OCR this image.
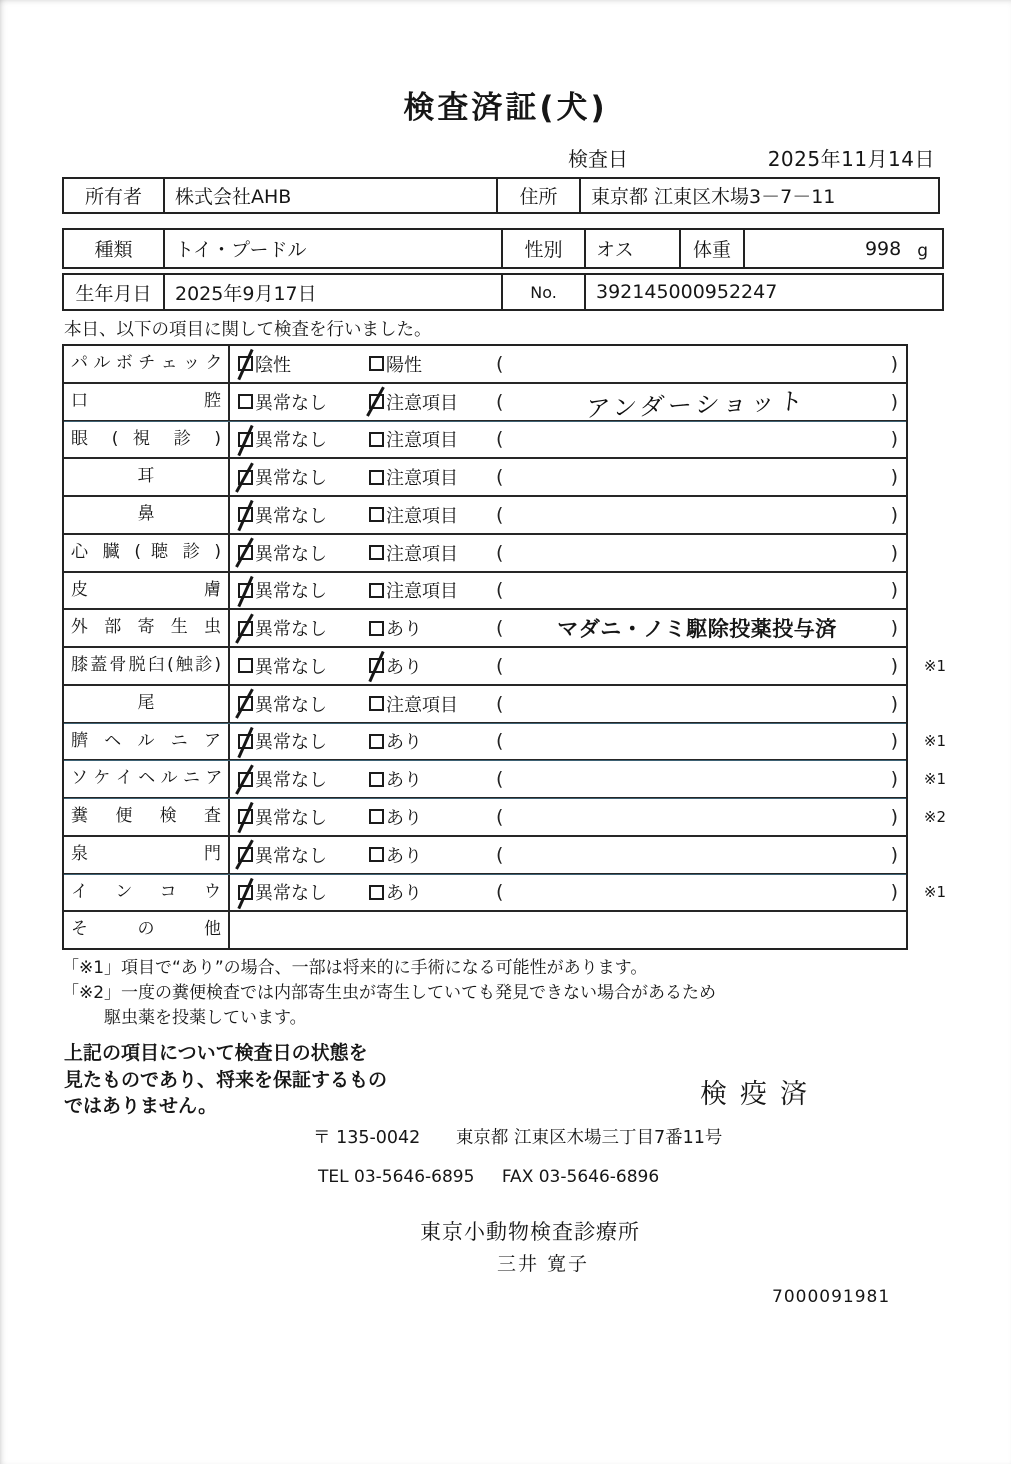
検査済証(犬)
検査日	2025年11月14日
所有者	株式会社AHB	住所	東京都 江東区木場3－7－11
種類	トイ・プードル	性別	オス	体重	998 g
生年月日	2025年9月17日	No.	392145000952247
本日、以下の項目に関して検査を行いました。
パ ル ボ チ ェ ッ ク	陰性	陽性	(	)
口 腔	異常なし	注意項目 (	アンダーショット	)
眼 ( 視 診 )	異常なし	注意項目 (	)
耳	異常なし	注意項目 (	)
鼻	異常なし	注意項目 (	)
心 臓 ( 聴 診 )	異常なし	注意項目 (	)
皮 膚	異常なし	注意項目 (	)
外 部 寄 生 虫	異常なし	あり	(	マダニ・ノミ駆除投薬投与済	)
膝蓋骨脱臼(触診)	異常なし	あり	(	) ※1
尾	異常なし	注意項目 (	)
臍 ヘ ル ニ ア	異常なし	あり	(	) ※1
ソ ケ イ ヘ ル ニ ア	異常なし	あり	(	) ※1
糞 便 検 査	異常なし	あり	(	) ※2
泉 門	異常なし	あり	(	)
イ ン コ ウ	異常なし	あり	(	) ※1
そ の 他
「※1」項目で“あり”の場合、一部は将来的に手術になる可能性があります。
「※2」一度の糞便検査では内部寄生虫が寄生していても発見できない場合があるため
駆虫薬を投薬しています。
上記の項目について検査日の状態を
見たものであり、将来を保証するもの
ではありません。	検疫済
〒 135-0042 東京都 江東区木場三丁目7番11号
TEL 03-5646-6895 FAX 03-5646-6896
東京小動物検査診療所
三井 寛子
7000091981
